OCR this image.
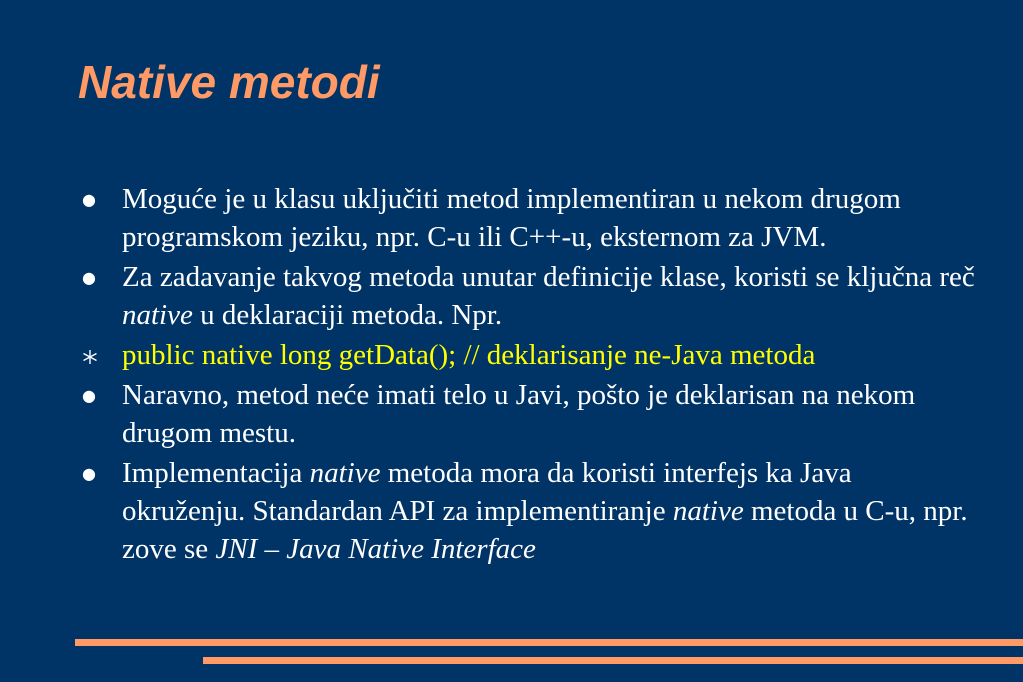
Native metodi
● Moguće je u klasu uključiti metod implementiran u nekom drugom programskom jeziku, npr. C-u ili C++-u, eksternom za JVM.
● Za zadavanje takvog metoda unutar definicije klase, koristi se ključna reč native u deklaraciji metoda. Npr.
public native long getData(); // deklarisanje ne-Java metoda
● Naravno, metod neće imati telo u Javi, pošto je deklarisan na nekom drugom mestu.
● Implementacija native metoda mora da koristi interfejs ka Java okruženju. Standardan API za implementiranje native metoda u C-u, npr. zove se JNI – Java Native Interface
